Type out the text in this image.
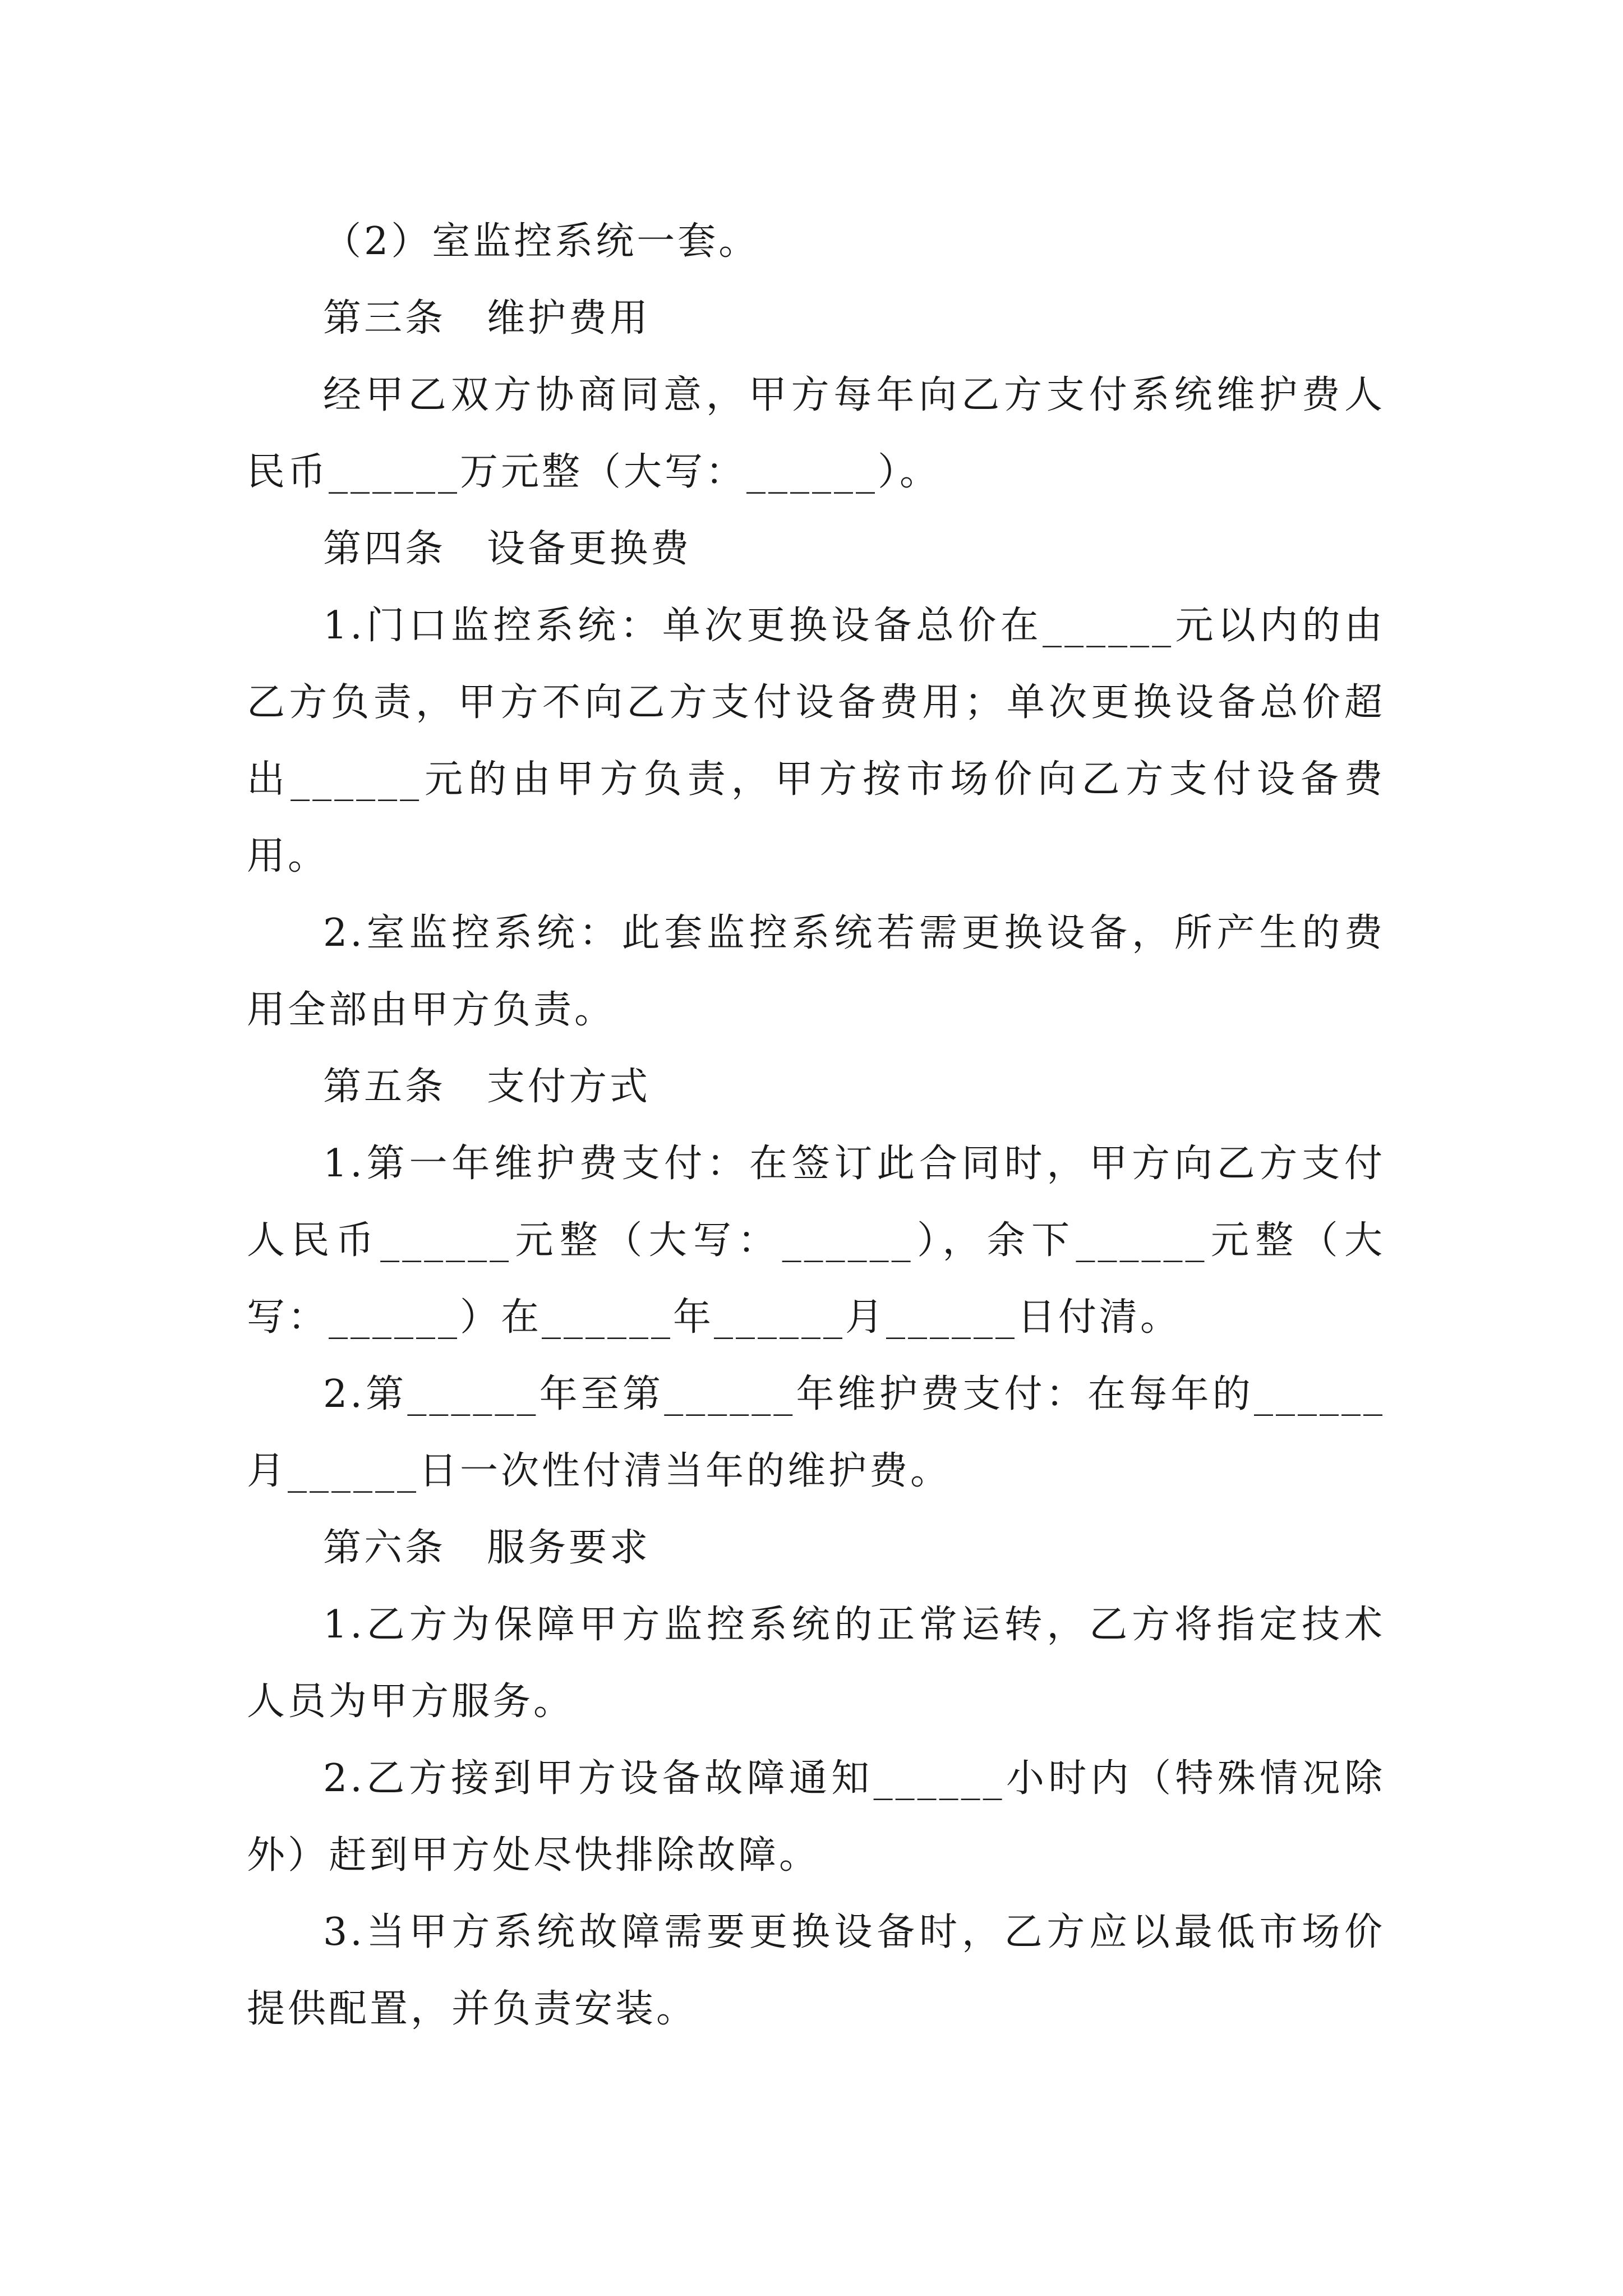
（2）室监控系统一套。

第三条　维护费用

经甲乙双方协商同意，甲方每年向乙方支付系统维护费人民币______万元整（大写：______）。

第四条　设备更换费

1.门口监控系统：单次更换设备总价在______元以内的由乙方负责，甲方不向乙方支付设备费用；单次更换设备总价超出______元的由甲方负责，甲方按市场价向乙方支付设备费用。

2.室监控系统：此套监控系统若需更换设备，所产生的费用全部由甲方负责。

第五条　支付方式

1.第一年维护费支付：在签订此合同时，甲方向乙方支付人民币______元整（大写：______），余下______元整（大写：______）在______年______月______日付清。

2.第______年至第______年维护费支付：在每年的______月______日一次性付清当年的维护费。

第六条　服务要求

1.乙方为保障甲方监控系统的正常运转，乙方将指定技术人员为甲方服务。

2.乙方接到甲方设备故障通知______小时内（特殊情况除外）赶到甲方处尽快排除故障。

3.当甲方系统故障需要更换设备时，乙方应以最低市场价提供配置，并负责安装。
